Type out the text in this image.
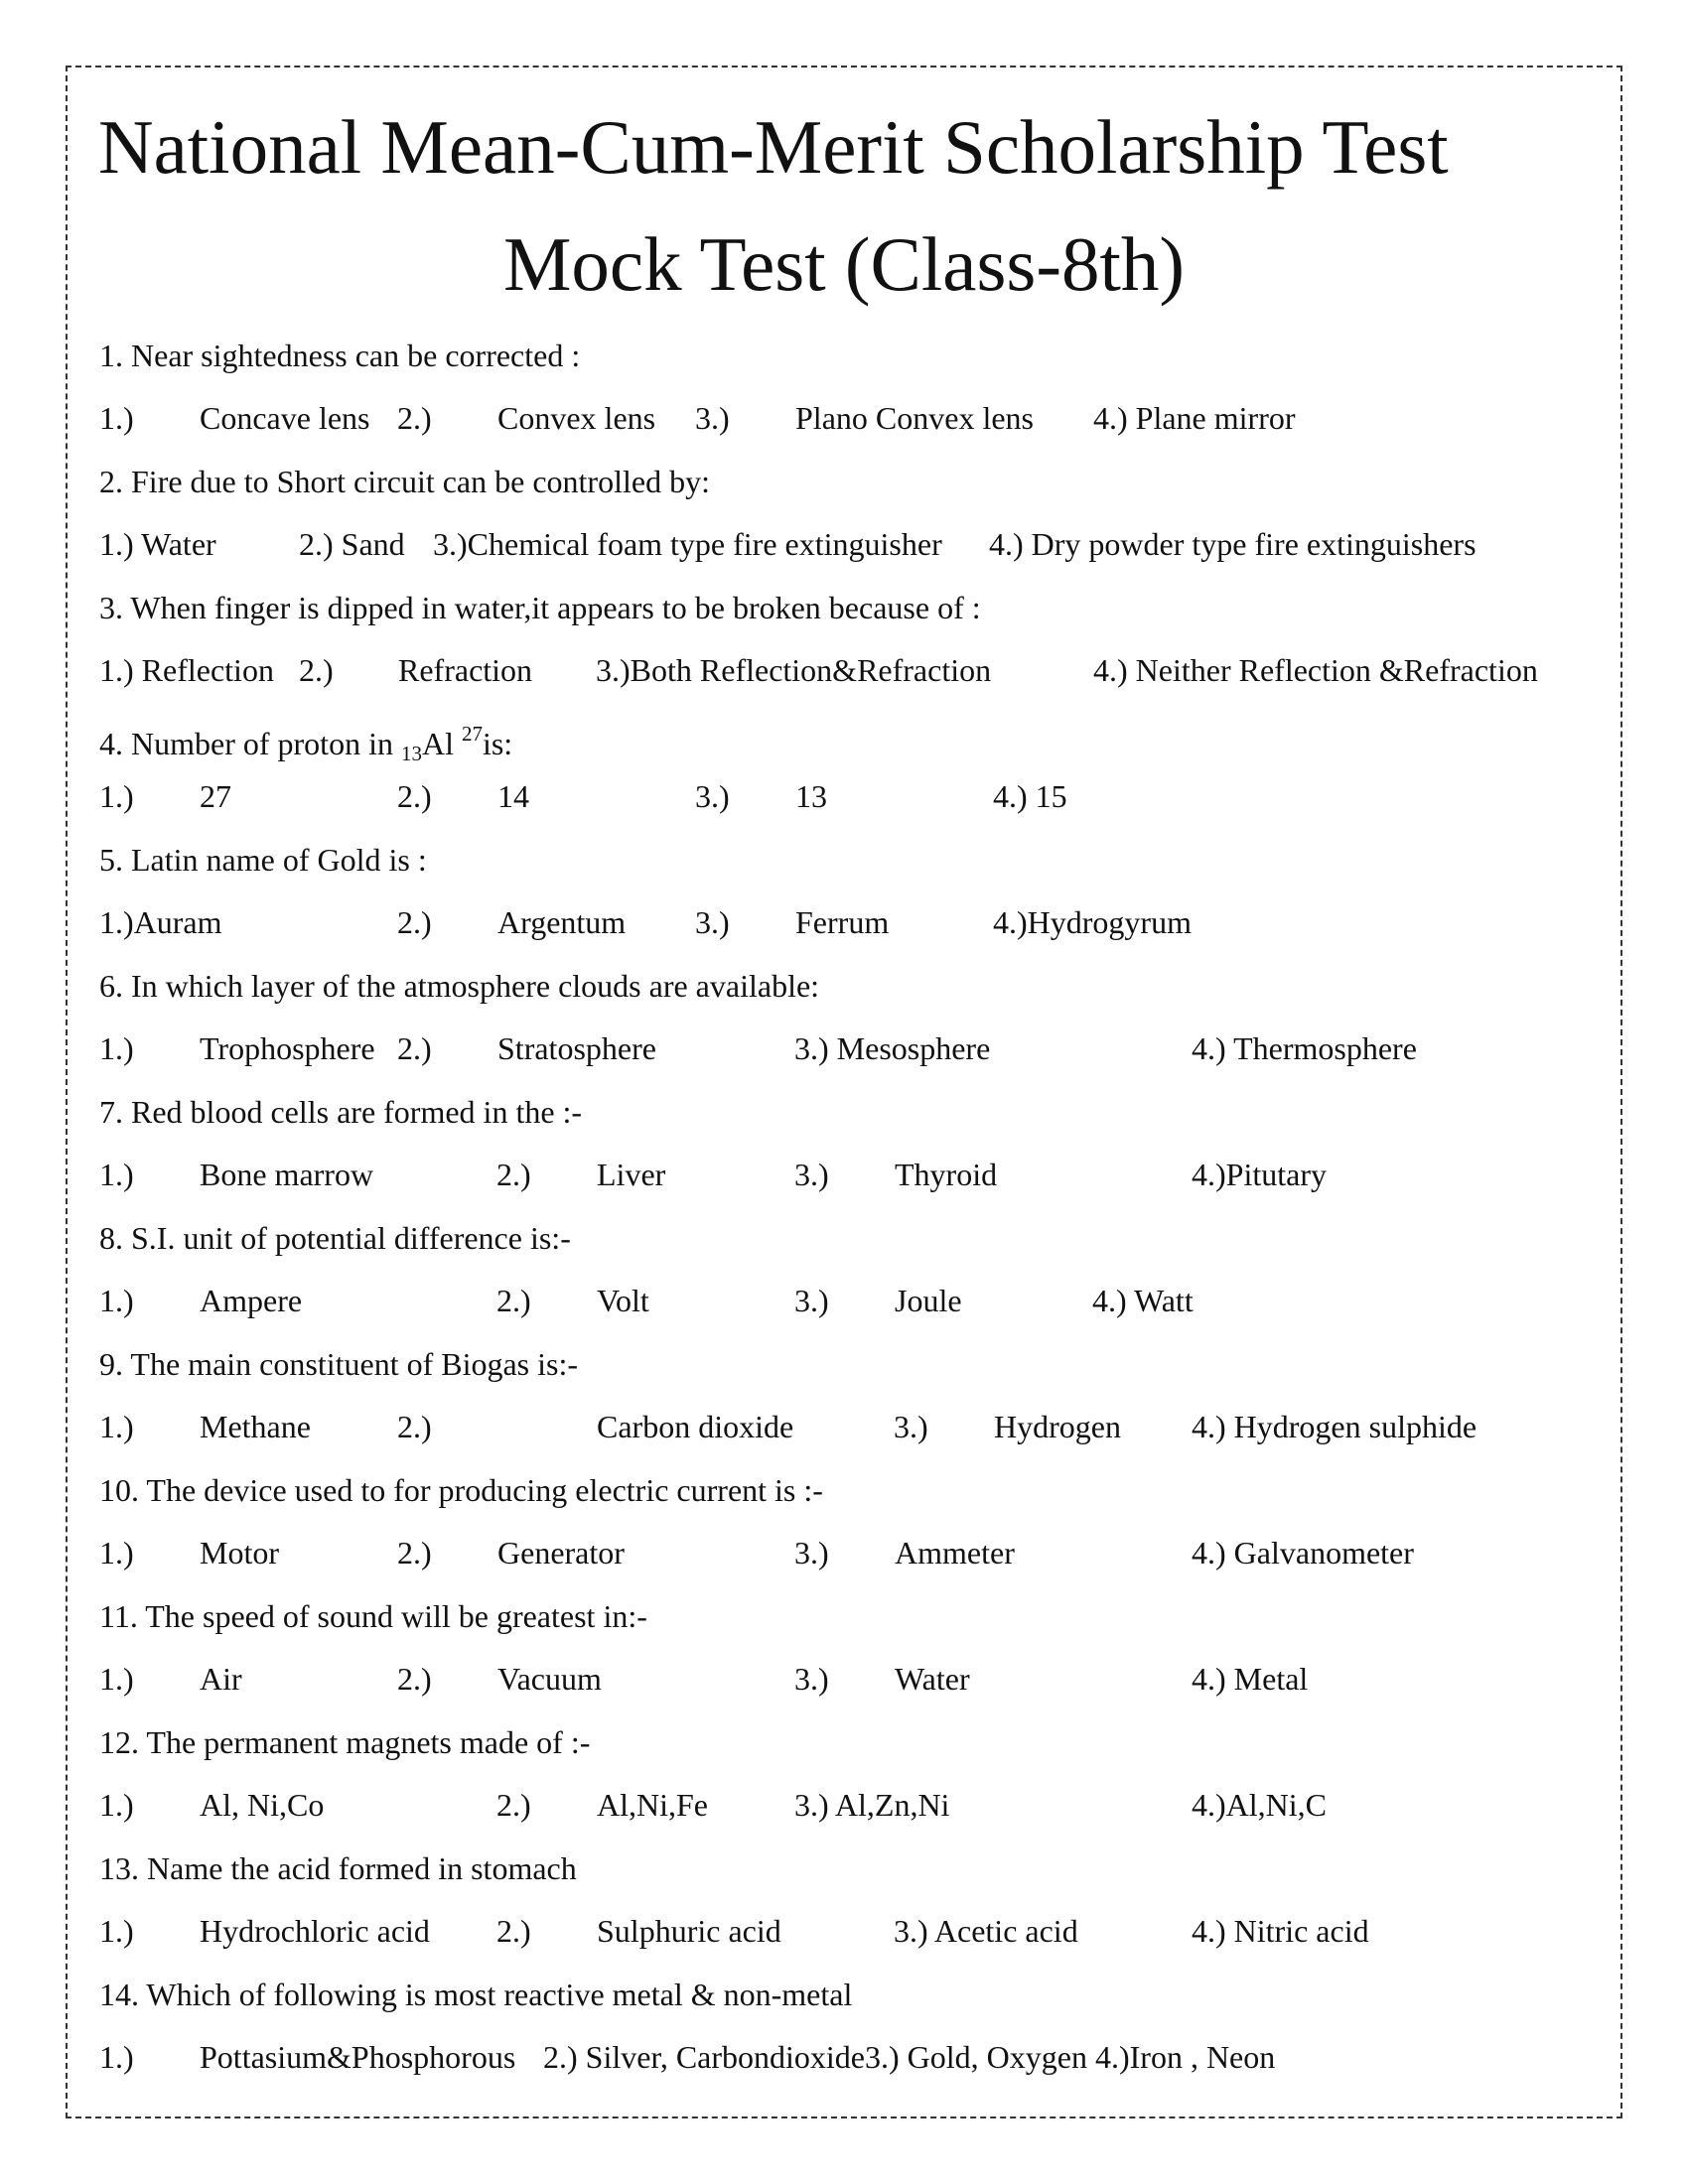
National Mean-Cum-Merit Scholarship Test
Mock Test (Class-8th)
1. Near sightedness can be corrected :
1.) Concave lens 2.) Convex lens 3.) Plano Convex lens 4.) Plane mirror
2. Fire due to Short circuit can be controlled by:
1.) Water	2.) Sand 3.)Chemical foam type fire extinguisher 4.) Dry powder type fire extinguishers
3. When finger is dipped in water,it appears to be broken because of :
1.) Reflection 2.) Refraction 3.)Both Reflection&Refraction	4.) Neither Reflection &Refraction
4. Number of proton in $_{13}$Al $^{27}$is:
1.) 27	2.) 14	3.) 13	4.) 15
5. Latin name of Gold is :
1.)Auram	2.) Argentum 3.) Ferrum	4.)Hydrogyrum
6. In which layer of the atmosphere clouds are available:
1.) Trophosphere 2.) Stratosphere	3.) Mesosphere	4.) Thermosphere
7. Red blood cells are formed in the :-
1.) Bone marrow	2.) Liver	3.) Thyroid	4.)Pitutary
8. S.I. unit of potential difference is:-
1.) Ampere	2.) Volt	3.) Joule	4.) Watt
9. The main constituent of Biogas is:-
1.) Methane	2.)	Carbon dioxide	3.) Hydrogen 4.) Hydrogen sulphide
10. The device used to for producing electric current is :-
1.) Motor	2.) Generator	3.) Ammeter	4.) Galvanometer
11. The speed of sound will be greatest in:-
1.) Air	2.) Vacuum	3.) Water	4.) Metal
12. The permanent magnets made of :-
1.) Al, Ni,Co	2.) Al,Ni,Fe	3.) Al,Zn,Ni	4.)Al,Ni,C
13. Name the acid formed in stomach
1.) Hydrochloric acid 2.) Sulphuric acid	3.) Acetic acid	4.) Nitric acid
14. Which of following is most reactive metal & non-metal
1.) Pottasium&Phosphorous 2.) Silver, Carbondioxide3.) Gold, Oxygen 4.)Iron , Neon
